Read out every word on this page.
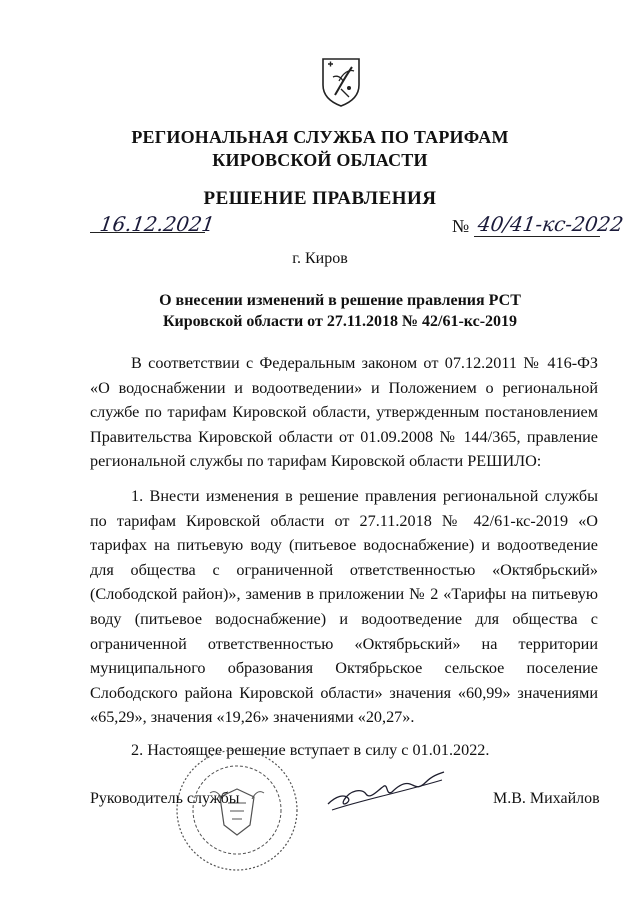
РЕГИОНАЛЬНАЯ СЛУЖБА ПО ТАРИФАМ
КИРОВСКОЙ ОБЛАСТИ
РЕШЕНИЕ ПРАВЛЕНИЯ
16.12.2021	№ 40/41-кс-2022
г. Киров
О внесении изменений в решение правления РСТ Кировской области от 27.11.2018 № 42/61-кс-2019
В соответствии с Федеральным законом от 07.12.2011 № 416-ФЗ «О водоснабжении и водоотведении» и Положением о региональной службе по тарифам Кировской области, утвержденным постановлением Правительства Кировской области от 01.09.2008 № 144/365, правление региональной службы по тарифам Кировской области РЕШИЛО:
1. Внести изменения в решение правления региональной службы по тарифам Кировской области от 27.11.2018 № 42/61-кс-2019 «О тарифах на питьевую воду (питьевое водоснабжение) и водоотведение для общества с ограниченной ответственностью «Октябрьский» (Слободской район)», заменив в приложении № 2 «Тарифы на питьевую воду (питьевое водоснабжение) и водоотведение для общества с ограниченной ответственностью «Октябрьский» на территории муниципального образования Октябрьское сельское поселение Слободского района Кировской области» значения «60,99» значениями «65,29», значения «19,26» значениями «20,27».
2. Настоящее решение вступает в силу с 01.01.2022.
Руководитель службы	М.В. Михайлов
